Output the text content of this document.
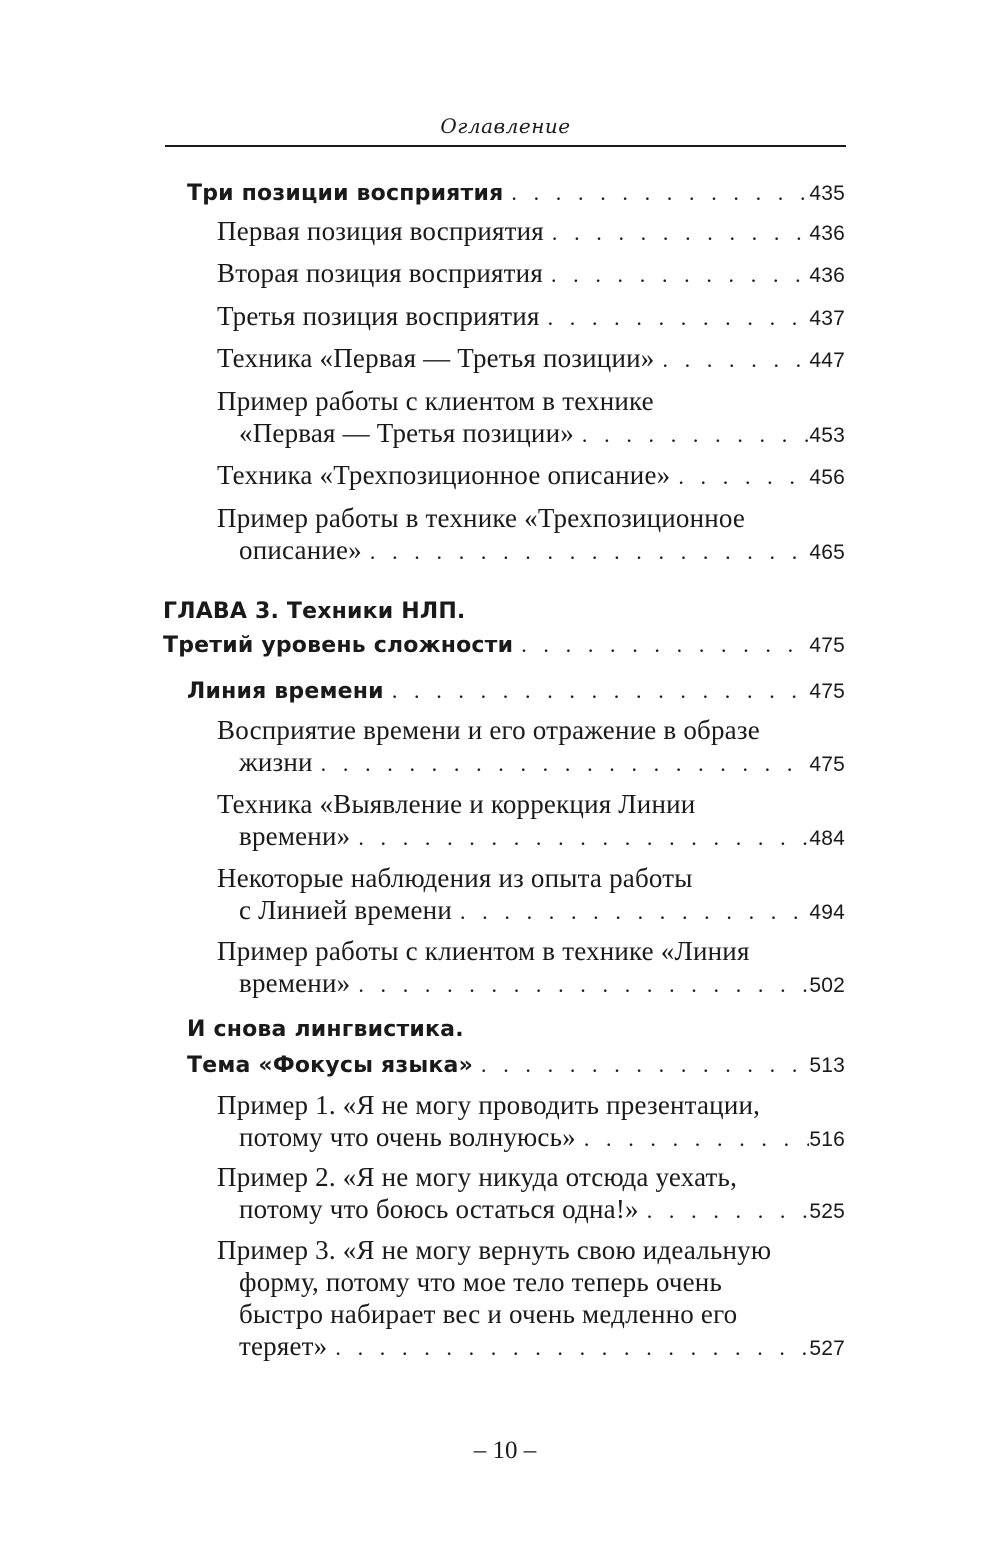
Оглавление
Три позиции восприятия . . .	435
Первая позиция восприятия . . .	436
Вторая позиция восприятия . . .	436
Третья позиция восприятия . . .	437
Техника «Первая — Третья позиции» . . .	447
Пример работы с клиентом в технике
«Первая — Третья позиции» . . .	453
Техника «Трехпозиционное описание» . . .	456
Пример работы в технике «Трехпозиционное
описание» . . .	465
ГЛАВА 3. Техники НЛП.
Третий уровень сложности . . .	475
Линия времени . . .	475
Восприятие времени и его отражение в образе
жизни . . .	475
Техника «Выявление и коррекция Линии
времени» . . .	484
Некоторые наблюдения из опыта работы
с Линией времени . . .	494
Пример работы с клиентом в технике «Линия
времени» . . .	502
И снова лингвистика.
Тема «Фокусы языка» . . .	513
Пример 1. «Я не могу проводить презентации,
потому что очень волнуюсь» . . .	516
Пример 2. «Я не могу никуда отсюда уехать,
потому что боюсь остаться одна!» . . .	525
Пример 3. «Я не могу вернуть свою идеальную
форму, потому что мое тело теперь очень
быстро набирает вес и очень медленно его
теряет» . . .	527
– 10 –
